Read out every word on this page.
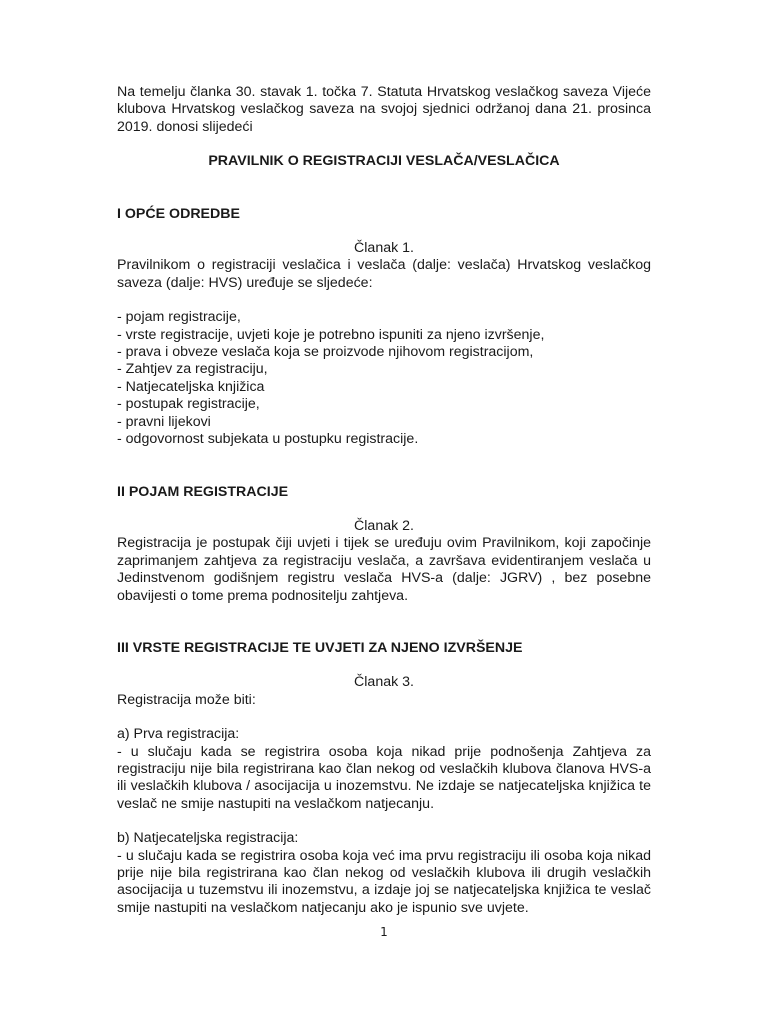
Na temelju članka 30. stavak 1. točka 7. Statuta Hrvatskog veslačkog saveza Vijeće klubova Hrvatskog veslačkog saveza na svojoj sjednici održanoj dana 21. prosinca 2019. donosi slijedeći

PRAVILNIK O REGISTRACIJI VESLAČA/VESLAČICA

I OPĆE ODREDBE

Članak 1.

Pravilnikom o registraciji veslačica i veslača (dalje: veslača) Hrvatskog veslačkog saveza (dalje: HVS) uređuje se sljedeće:

- pojam registracije,
- vrste registracije, uvjeti koje je potrebno ispuniti za njeno izvršenje,
- prava i obveze veslača koja se proizvode njihovom registracijom,
- Zahtjev za registraciju,
- Natjecateljska knjižica
- postupak registracije,
- pravni lijekovi
- odgovornost subjekata u postupku registracije.

II POJAM REGISTRACIJE

Članak 2.

Registracija je postupak čiji uvjeti i tijek se uređuju ovim Pravilnikom, koji započinje zaprimanjem zahtjeva za registraciju veslača, a završava evidentiranjem veslača u Jedinstvenom godišnjem registru veslača HVS-a (dalje: JGRV) , bez posebne obavijesti o tome prema podnositelju zahtjeva.

III VRSTE REGISTRACIJE TE UVJETI ZA NJENO IZVRŠENJE

Članak 3.

Registracija može biti:

a) Prva registracija:

- u slučaju kada se registrira osoba koja nikad prije podnošenja Zahtjeva za registraciju nije bila registrirana kao član nekog od veslačkih klubova članova HVS-a ili veslačkih klubova / asocijacija u inozemstvu. Ne izdaje se natjecateljska knjižica te veslač ne smije nastupiti na veslačkom natjecanju.

b) Natjecateljska registracija:

- u slučaju kada se registrira osoba koja već ima prvu registraciju ili osoba koja nikad prije nije bila registrirana kao član nekog od veslačkih klubova ili drugih veslačkih asocijacija u tuzemstvu ili inozemstvu, a izdaje joj se natjecateljska knjižica te veslač smije nastupiti na veslačkom natjecanju ako je ispunio sve uvjete.

1
